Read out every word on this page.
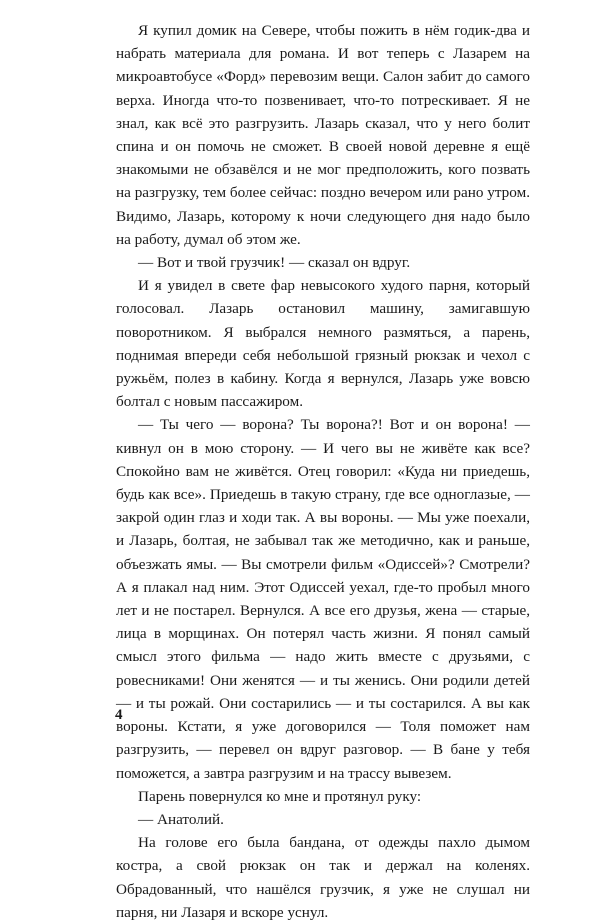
Я купил домик на Севере, чтобы пожить в нём годик-два и набрать материала для романа. И вот теперь с Лазарем на микроавтобусе «Форд» перевозим вещи. Салон забит до самого верха. Иногда что-то позвенивает, что-то потрескивает. Я не знал, как всё это разгрузить. Лазарь сказал, что у него болит спина и он помочь не сможет. В своей новой деревне я ещё знакомыми не обзавёлся и не мог предположить, кого позвать на разгрузку, тем более сейчас: поздно вечером или рано утром. Видимо, Лазарь, которому к ночи следующего дня надо было на работу, думал об этом же.

— Вот и твой грузчик! — сказал он вдруг.

И я увидел в свете фар невысокого худого парня, который голосовал. Лазарь остановил машину, замигавшую поворотником. Я выбрался немного размяться, а парень, поднимая впереди себя небольшой грязный рюкзак и чехол с ружьём, полез в кабину. Когда я вернулся, Лазарь уже вовсю болтал с новым пассажиром.

— Ты чего — ворона? Ты ворона?! Вот и он ворона! — кивнул он в мою сторону. — И чего вы не живёте как все? Спокойно вам не живётся. Отец говорил: «Куда ни приедешь, будь как все». Приедешь в такую страну, где все одноглазые, — закрой один глаз и ходи так. А вы вороны. — Мы уже поехали, и Лазарь, болтая, не забывал так же методично, как и раньше, объезжать ямы. — Вы смотрели фильм «Одиссей»? Смотрели? А я плакал над ним. Этот Одиссей уехал, где-то пробыл много лет и не постарел. Вернулся. А все его друзья, жена — старые, лица в морщинах. Он потерял часть жизни. Я понял самый смысл этого фильма — надо жить вместе с друзьями, с ровесниками! Они женятся — и ты женись. Они родили детей — и ты рожай. Они состарились — и ты состарился. А вы как вороны. Кстати, я уже договорился — Толя поможет нам разгрузить, — перевел он вдруг разговор. — В бане у тебя поможется, а завтра разгрузим и на трассу вывезем.

Парень повернулся ко мне и протянул руку:

— Анатолий.

На голове его была бандана, от одежды пахло дымом костра, а свой рюкзак он так и держал на коленях. Обрадованный, что нашёлся грузчик, я уже не слушал ни парня, ни Лазаря и вскоре уснул.

4
